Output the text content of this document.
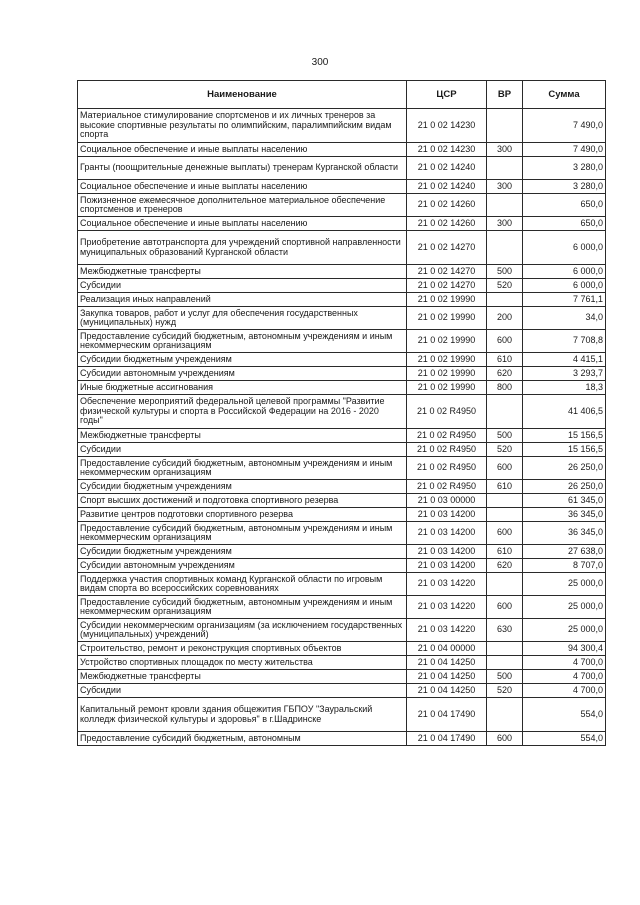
300
Наименование	ЦСР	ВР	Сумма
Материальное стимулирование спортсменов и их личных тренеров за высокие спортивные результаты по олимпийским, паралимпийским видам спорта	21 0 02 14230		7 490,0
Социальное обеспечение и иные выплаты населению	21 0 02 14230	300	7 490,0
Гранты (поощрительные денежные выплаты) тренерам Курганской области	21 0 02 14240		3 280,0
Социальное обеспечение и иные выплаты населению	21 0 02 14240	300	3 280,0
Пожизненное ежемесячное дополнительное материальное обеспечение спортсменов и тренеров	21 0 02 14260		650,0
Социальное обеспечение и иные выплаты населению	21 0 02 14260	300	650,0
Приобретение автотранспорта для учреждений спортивной направленности муниципальных образований Курганской области	21 0 02 14270		6 000,0
Межбюджетные трансферты	21 0 02 14270	500	6 000,0
Субсидии	21 0 02 14270	520	6 000,0
Реализация иных направлений	21 0 02 19990		7 761,1
Закупка товаров, работ и услуг для обеспечения государственных (муниципальных) нужд	21 0 02 19990	200	34,0
Предоставление субсидий бюджетным, автономным учреждениям и иным некоммерческим организациям	21 0 02 19990	600	7 708,8
Субсидии бюджетным учреждениям	21 0 02 19990	610	4 415,1
Субсидии автономным учреждениям	21 0 02 19990	620	3 293,7
Иные бюджетные ассигнования	21 0 02 19990	800	18,3
Обеспечение мероприятий федеральной целевой программы "Развитие физической культуры и спорта в Российской Федерации на 2016 - 2020 годы"	21 0 02 R4950		41 406,5
Межбюджетные трансферты	21 0 02 R4950	500	15 156,5
Субсидии	21 0 02 R4950	520	15 156,5
Предоставление субсидий бюджетным, автономным учреждениям и иным некоммерческим организациям	21 0 02 R4950	600	26 250,0
Субсидии бюджетным учреждениям	21 0 02 R4950	610	26 250,0
Спорт высших достижений и подготовка спортивного резерва	21 0 03 00000		61 345,0
Развитие центров подготовки спортивного резерва	21 0 03 14200		36 345,0
Предоставление субсидий бюджетным, автономным учреждениям и иным некоммерческим организациям	21 0 03 14200	600	36 345,0
Субсидии бюджетным учреждениям	21 0 03 14200	610	27 638,0
Субсидии автономным учреждениям	21 0 03 14200	620	8 707,0
Поддержка участия спортивных команд Курганской области по игровым видам спорта во всероссийских соревнованиях	21 0 03 14220		25 000,0
Предоставление субсидий бюджетным, автономным учреждениям и иным некоммерческим организациям	21 0 03 14220	600	25 000,0
Субсидии некоммерческим организациям (за исключением государственных (муниципальных) учреждений)	21 0 03 14220	630	25 000,0
Строительство, ремонт и реконструкция спортивных объектов	21 0 04 00000		94 300,4
Устройство спортивных площадок по месту жительства	21 0 04 14250		4 700,0
Межбюджетные трансферты	21 0 04 14250	500	4 700,0
Субсидии	21 0 04 14250	520	4 700,0
Капитальный ремонт кровли здания общежития ГБПОУ "Зауральский колледж физической культуры и здоровья" в г.Шадринске	21 0 04 17490		554,0
Предоставление субсидий бюджетным, автономным	21 0 04 17490	600	554,0
